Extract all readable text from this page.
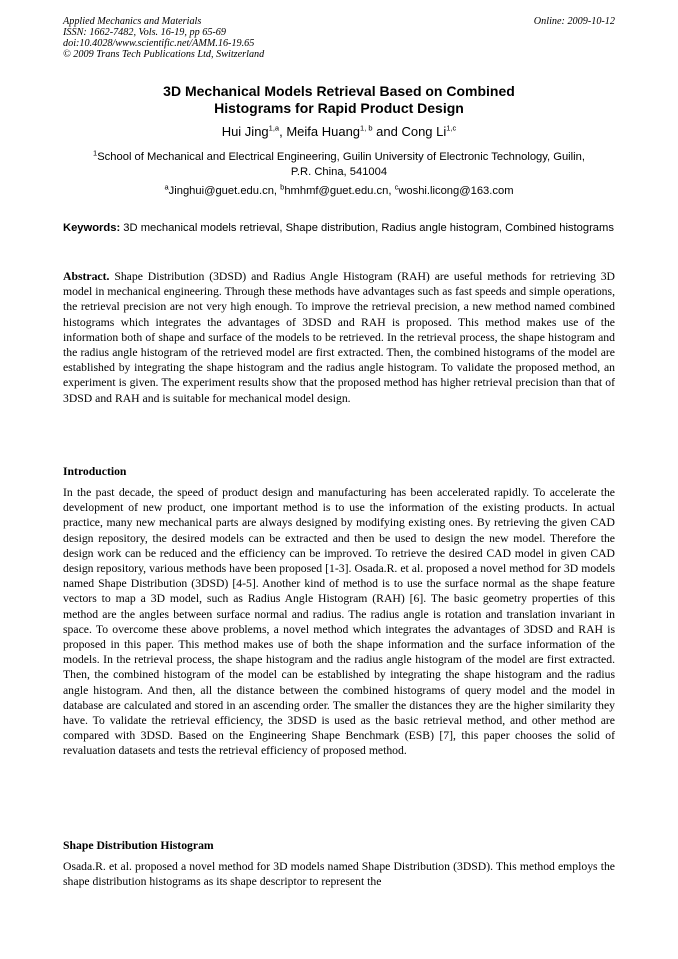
Applied Mechanics and Materials
ISSN: 1662-7482, Vols. 16-19, pp 65-69
doi:10.4028/www.scientific.net/AMM.16-19.65
© 2009 Trans Tech Publications Ltd, Switzerland
Online: 2009-10-12
3D Mechanical Models Retrieval Based on Combined
Histograms for Rapid Product Design
Hui Jing$^{1,a}$, Meifa Huang$^{1, b}$ and Cong Li$^{1,c}$
$^1$School of Mechanical and Electrical Engineering, Guilin University of Electronic Technology, Guilin,
P.R. China, 541004
$^a$Jinghui@guet.edu.cn, $^b$hmhmf@guet.edu.cn, $^c$woshi.licong@163.com
Keywords: 3D mechanical models retrieval, Shape distribution, Radius angle histogram, Combined histograms
Abstract. Shape Distribution (3DSD) and Radius Angle Histogram (RAH) are useful methods for retrieving 3D model in mechanical engineering. Through these methods have advantages such as fast speeds and simple operations, the retrieval precision are not very high enough. To improve the retrieval precision, a new method named combined histograms which integrates the advantages of 3DSD and RAH is proposed. This method makes use of the information both of shape and surface of the models to be retrieved. In the retrieval process, the shape histogram and the radius angle histogram of the retrieved model are first extracted. Then, the combined histograms of the model are established by integrating the shape histogram and the radius angle histogram. To validate the proposed method, an experiment is given. The experiment results show that the proposed method has higher retrieval precision than that of 3DSD and RAH and is suitable for mechanical model design.
Introduction
In the past decade, the speed of product design and manufacturing has been accelerated rapidly. To accelerate the development of new product, one important method is to use the information of the existing products. In actual practice, many new mechanical parts are always designed by modifying existing ones. By retrieving the given CAD design repository, the desired models can be extracted and then be used to design the new model. Therefore the design work can be reduced and the efficiency can be improved. To retrieve the desired CAD model in given CAD design repository, various methods have been proposed [1-3]. Osada.R. et al. proposed a novel method for 3D models named Shape Distribution (3DSD) [4-5]. Another kind of method is to use the surface normal as the shape feature vectors to map a 3D model, such as Radius Angle Histogram (RAH) [6]. The basic geometry properties of this method are the angles between surface normal and radius. The radius angle is rotation and translation invariant in space. To overcome these above problems, a novel method which integrates the advantages of 3DSD and RAH is proposed in this paper. This method makes use of both the shape information and the surface information of the models. In the retrieval process, the shape histogram and the radius angle histogram of the model are first extracted. Then, the combined histogram of the model can be established by integrating the shape histogram and the radius angle histogram. And then, all the distance between the combined histograms of query model and the model in database are calculated and stored in an ascending order. The smaller the distances they are the higher similarity they have. To validate the retrieval efficiency, the 3DSD is used as the basic retrieval method, and other method are compared with 3DSD. Based on the Engineering Shape Benchmark (ESB) [7], this paper chooses the solid of revaluation datasets and tests the retrieval efficiency of proposed method.
Shape Distribution Histogram
Osada.R. et al. proposed a novel method for 3D models named Shape Distribution (3DSD). This method employs the shape distribution histograms as its shape descriptor to represent the
